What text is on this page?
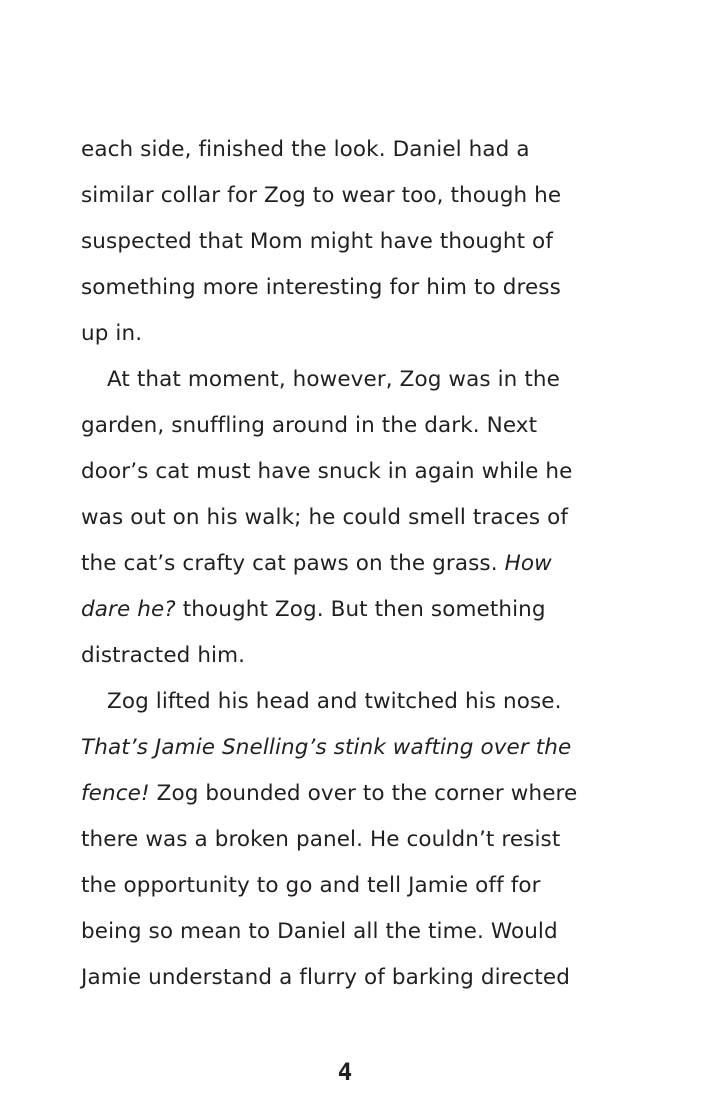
each side, finished the look. Daniel had a
similar collar for Zog to wear too, though he
suspected that Mom might have thought of
something more interesting for him to dress
up in.
At that moment, however, Zog was in the
garden, snuffling around in the dark. Next
door’s cat must have snuck in again while he
was out on his walk; he could smell traces of
the cat’s crafty cat paws on the grass. How
dare he? thought Zog. But then something
distracted him.
Zog lifted his head and twitched his nose.
That’s Jamie Snelling’s stink wafting over the
fence! Zog bounded over to the corner where
there was a broken panel. He couldn’t resist
the opportunity to go and tell Jamie off for
being so mean to Daniel all the time. Would
Jamie understand a flurry of barking directed
4
